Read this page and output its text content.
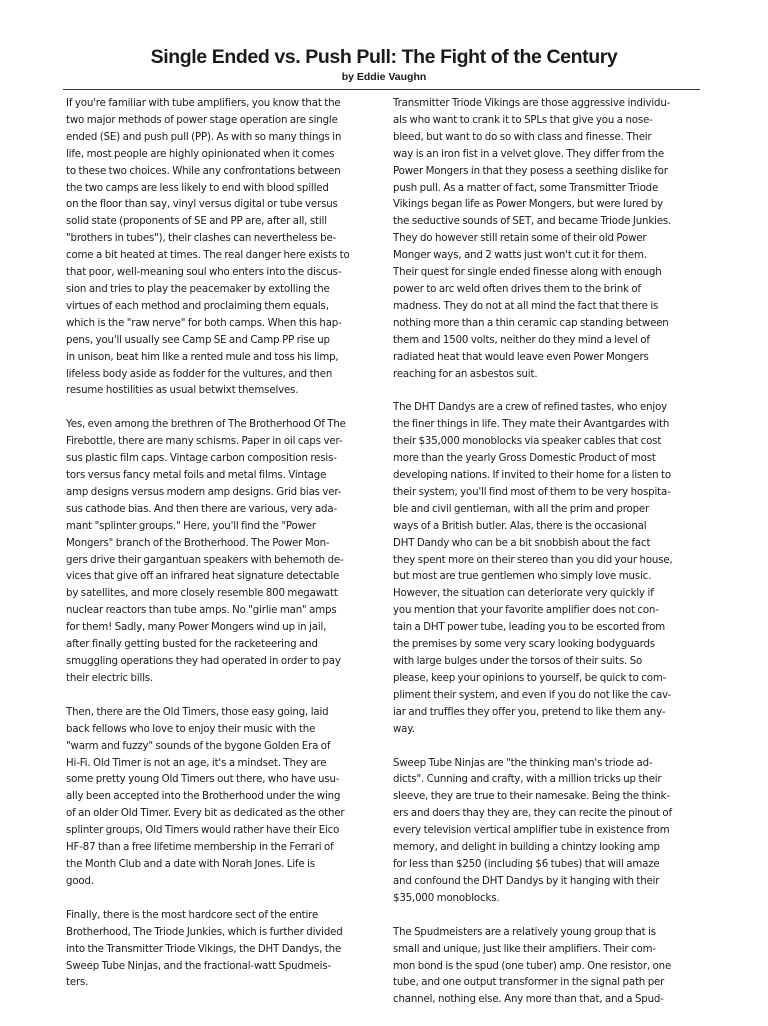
Single Ended vs. Push Pull: The Fight of the Century
by Eddie Vaughn
If you're familiar with tube amplifiers, you know that the
two major methods of power stage operation are single
ended (SE) and push pull (PP). As with so many things in
life, most people are highly opinionated when it comes
to these two choices. While any confrontations between
the two camps are less likely to end with blood spilled
on the floor than say, vinyl versus digital or tube versus
solid state (proponents of SE and PP are, after all, still
"brothers in tubes"), their clashes can nevertheless be-
come a bit heated at times. The real danger here exists to
that poor, well-meaning soul who enters into the discus-
sion and tries to play the peacemaker by extolling the
virtues of each method and proclaiming them equals,
which is the "raw nerve" for both camps. When this hap-
pens, you'll usually see Camp SE and Camp PP rise up
in unison, beat him like a rented mule and toss his limp,
lifeless body aside as fodder for the vultures, and then
resume hostilities as usual betwixt themselves.
Yes, even among the brethren of The Brotherhood Of The
Firebottle, there are many schisms. Paper in oil caps ver-
sus plastic film caps. Vintage carbon composition resis-
tors versus fancy metal foils and metal films. Vintage
amp designs versus modern amp designs. Grid bias ver-
sus cathode bias. And then there are various, very ada-
mant "splinter groups." Here, you'll find the "Power
Mongers" branch of the Brotherhood. The Power Mon-
gers drive their gargantuan speakers with behemoth de-
vices that give off an infrared heat signature detectable
by satellites, and more closely resemble 800 megawatt
nuclear reactors than tube amps. No "girlie man" amps
for them! Sadly, many Power Mongers wind up in jail,
after finally getting busted for the racketeering and
smuggling operations they had operated in order to pay
their electric bills.
Then, there are the Old Timers, those easy going, laid
back fellows who love to enjoy their music with the
"warm and fuzzy" sounds of the bygone Golden Era of
Hi-Fi. Old Timer is not an age, it's a mindset. They are
some pretty young Old Timers out there, who have usu-
ally been accepted into the Brotherhood under the wing
of an older Old Timer. Every bit as dedicated as the other
splinter groups, Old Timers would rather have their Eico
HF-87 than a free lifetime membership in the Ferrari of
the Month Club and a date with Norah Jones. Life is
good.
Finally, there is the most hardcore sect of the entire
Brotherhood, The Triode Junkies, which is further divided
into the Transmitter Triode Vikings, the DHT Dandys, the
Sweep Tube Ninjas, and the fractional-watt Spudmeis-
ters.
Transmitter Triode Vikings are those aggressive individu-
als who want to crank it to SPLs that give you a nose-
bleed, but want to do so with class and finesse. Their
way is an iron fist in a velvet glove. They differ from the
Power Mongers in that they posess a seething dislike for
push pull. As a matter of fact, some Transmitter Triode
Vikings began life as Power Mongers, but were lured by
the seductive sounds of SET, and became Triode Junkies.
They do however still retain some of their old Power
Monger ways, and 2 watts just won't cut it for them.
Their quest for single ended finesse along with enough
power to arc weld often drives them to the brink of
madness. They do not at all mind the fact that there is
nothing more than a thin ceramic cap standing between
them and 1500 volts, neither do they mind a level of
radiated heat that would leave even Power Mongers
reaching for an asbestos suit.
The DHT Dandys are a crew of refined tastes, who enjoy
the finer things in life. They mate their Avantgardes with
their $35,000 monoblocks via speaker cables that cost
more than the yearly Gross Domestic Product of most
developing nations. If invited to their home for a listen to
their system, you'll find most of them to be very hospita-
ble and civil gentleman, with all the prim and proper
ways of a British butler. Alas, there is the occasional
DHT Dandy who can be a bit snobbish about the fact
they spent more on their stereo than you did your house,
but most are true gentlemen who simply love music.
However, the situation can deteriorate very quickly if
you mention that your favorite amplifier does not con-
tain a DHT power tube, leading you to be escorted from
the premises by some very scary looking bodyguards
with large bulges under the torsos of their suits. So
please, keep your opinions to yourself, be quick to com-
pliment their system, and even if you do not like the cav-
iar and truffles they offer you, pretend to like them any-
way.
Sweep Tube Ninjas are "the thinking man's triode ad-
dicts". Cunning and crafty, with a million tricks up their
sleeve, they are true to their namesake. Being the think-
ers and doers thay they are, they can recite the pinout of
every television vertical amplifier tube in existence from
memory, and delight in building a chintzy looking amp
for less than $250 (including $6 tubes) that will amaze
and confound the DHT Dandys by it hanging with their
$35,000 monoblocks.
The Spudmeisters are a relatively young group that is
small and unique, just like their amplifiers. Their com-
mon bond is the spud (one tuber) amp. One resistor, one
tube, and one output transformer in the signal path per
channel, nothing else. Any more than that, and a Spud-
